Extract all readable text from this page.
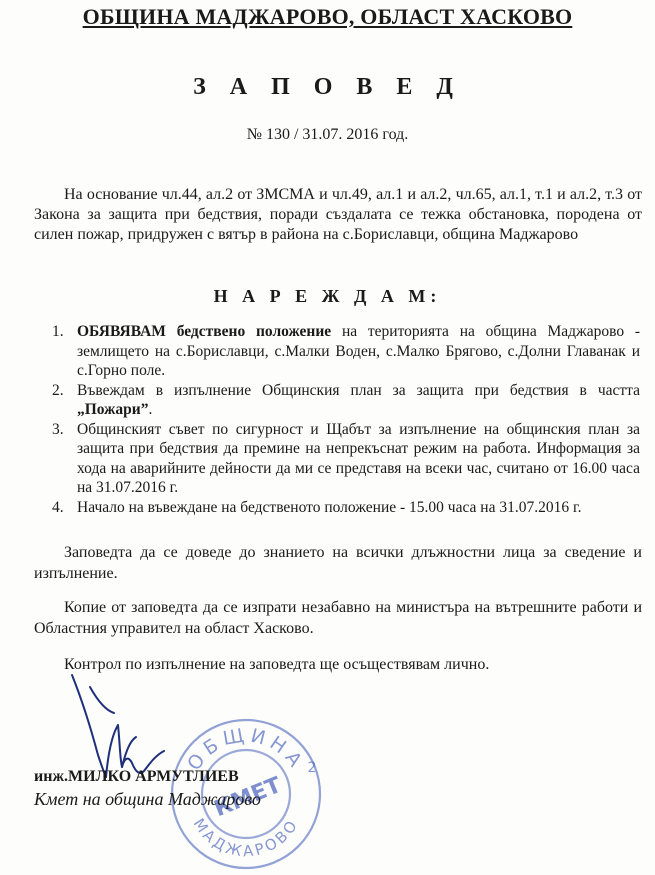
ОБЩИНА МАДЖАРОВО, ОБЛАСТ ХАСКОВО
З А П О В Е Д
№ 130 / 31.07. 2016 год.
На основание чл.44, ал.2 от ЗМСМА и чл.49, ал.1 и ал.2, чл.65, ал.1, т.1 и ал.2, т.3 от Закона за защита при бедствия, поради създалата се тежка обстановка, породена от силен пожар, придружен с вятър в района на с.Бориславци, община Маджарово
Н А Р Е Ж Д А М:
1. ОБЯВЯВАМ бедствено положение на територията на община Маджарово - землището на с.Бориславци, с.Малки Воден, с.Малко Брягово, с.Долни Главанак и с.Горно поле.
2. Въвеждам в изпълнение Общинския план за защита при бедствия в частта „Пожари”.
3. Общинският съвет по сигурност и Щабът за изпълнение на общинския план за защита при бедствия да премине на непрекъснат режим на работа. Информация за хода на аварийните дейности да ми се представя на всеки час, считано от 16.00 часа на 31.07.2016 г.
4. Начало на въвеждане на бедственото положение - 15.00 часа на 31.07.2016 г.
Заповедта да се доведе до знанието на всички длъжностни лица за сведение и изпълнение.
Копие от заповедта да се изпрати незабавно на министъра на вътрешните работи и Областния управител на област Хасково.
Контрол по изпълнение на заповедта ще осъществявам лично.
ОБЩИНА
МАДЖАРОВО
КМЕТ
2
инж.МИЛКО АРМУТЛИЕВ
Кмет на община Маджарово
